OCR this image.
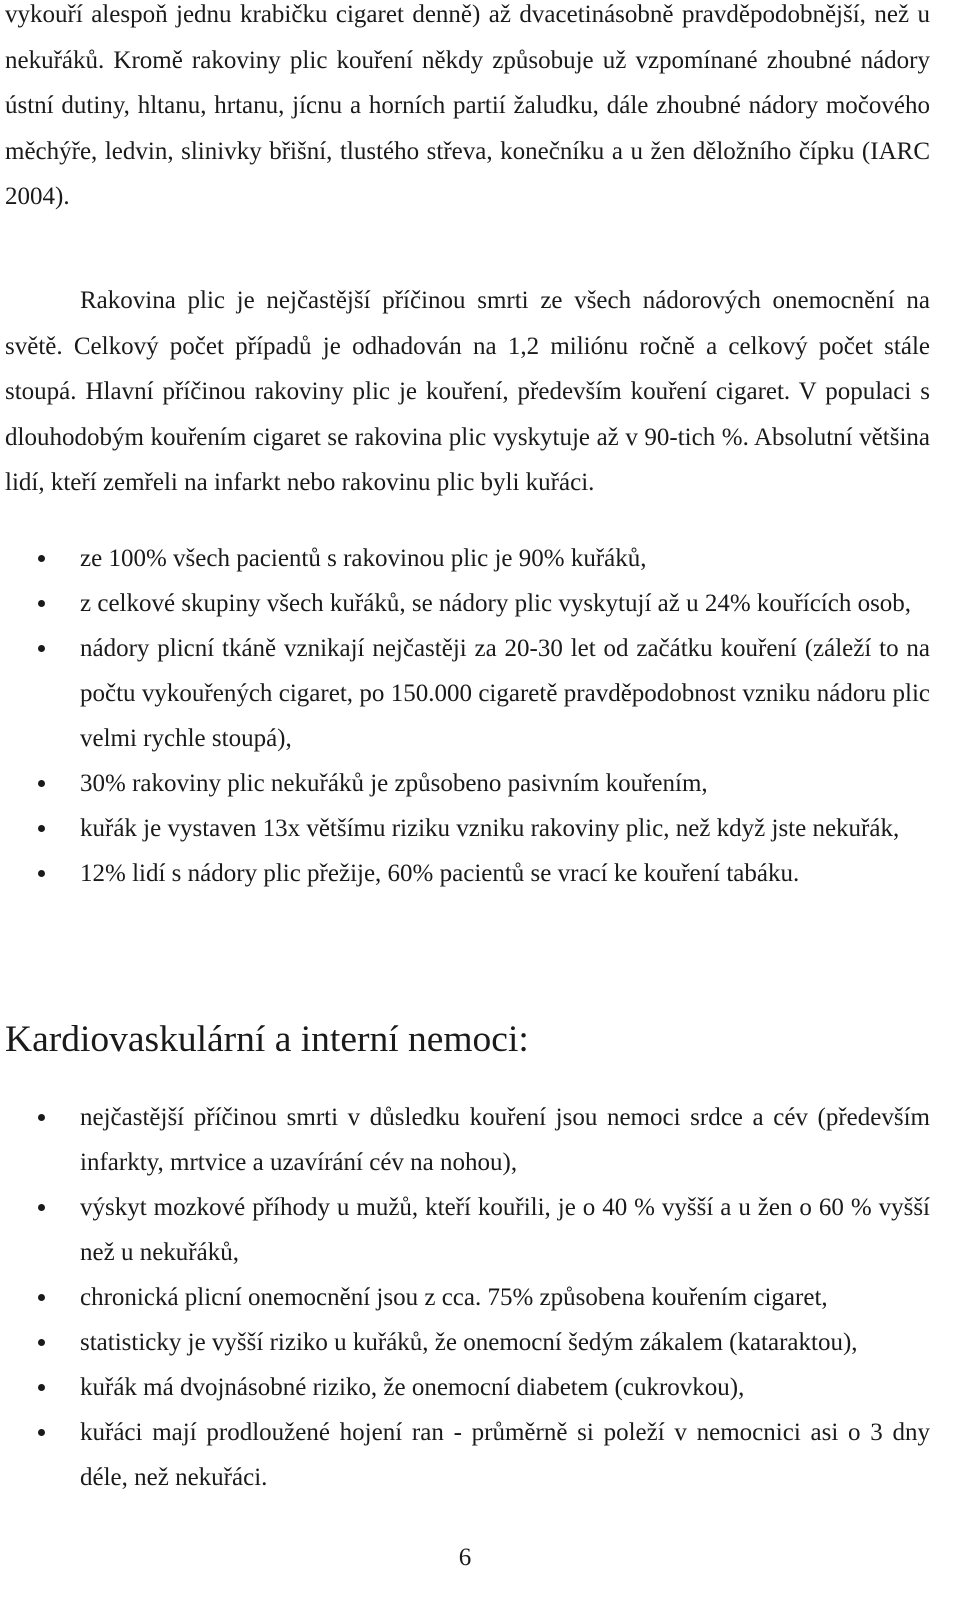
vykouří alespoň jednu krabičku cigaret denně) až dvacetinásobně pravděpodobnější, než u nekuřáků. Kromě rakoviny plic kouření někdy způsobuje už vzpomínané zhoubné nádory ústní dutiny, hltanu, hrtanu, jícnu a horních partií žaludku, dále zhoubné nádory močového měchýře, ledvin, slinivky břišní, tlustého střeva, konečníku a u žen děložního čípku (IARC 2004).

Rakovina plic je nejčastější příčinou smrti ze všech nádorových onemocnění na světě. Celkový počet případů je odhadován na 1,2 miliónu ročně a celkový počet stále stoupá. Hlavní příčinou rakoviny plic je kouření, především kouření cigaret. V populaci s dlouhodobým kouřením cigaret se rakovina plic vyskytuje až v 90-tich %. Absolutní většina lidí, kteří zemřeli na infarkt nebo rakovinu plic byli kuřáci.

ze 100% všech pacientů s rakovinou plic je 90% kuřáků,
z celkové skupiny všech kuřáků, se nádory plic vyskytují až u 24% kouřících osob,
nádory plicní tkáně vznikají nejčastěji za 20-30 let od začátku kouření (záleží to na počtu vykouřených cigaret, po 150.000 cigaretě pravděpodobnost vzniku nádoru plic velmi rychle stoupá),
30% rakoviny plic nekuřáků je způsobeno pasivním kouřením,
kuřák je vystaven 13x většímu riziku vzniku rakoviny plic, než když jste nekuřák,
12% lidí s nádory plic přežije, 60% pacientů se vrací ke kouření tabáku.
Kardiovaskulární a interní nemoci:
nejčastější příčinou smrti v důsledku kouření jsou nemoci srdce a cév (především infarkty, mrtvice a uzavírání cév na nohou),
výskyt mozkové příhody u mužů, kteří kouřili, je o 40 % vyšší a u žen o 60 % vyšší než u nekuřáků,
chronická plicní onemocnění jsou z cca. 75% způsobena kouřením cigaret,
statisticky je vyšší riziko u kuřáků, že onemocní šedým zákalem (kataraktou),
kuřák má dvojnásobné riziko, že onemocní diabetem (cukrovkou),
kuřáci mají prodloužené hojení ran - průměrně si poleží v nemocnici asi o 3 dny déle, než nekuřáci.
6
